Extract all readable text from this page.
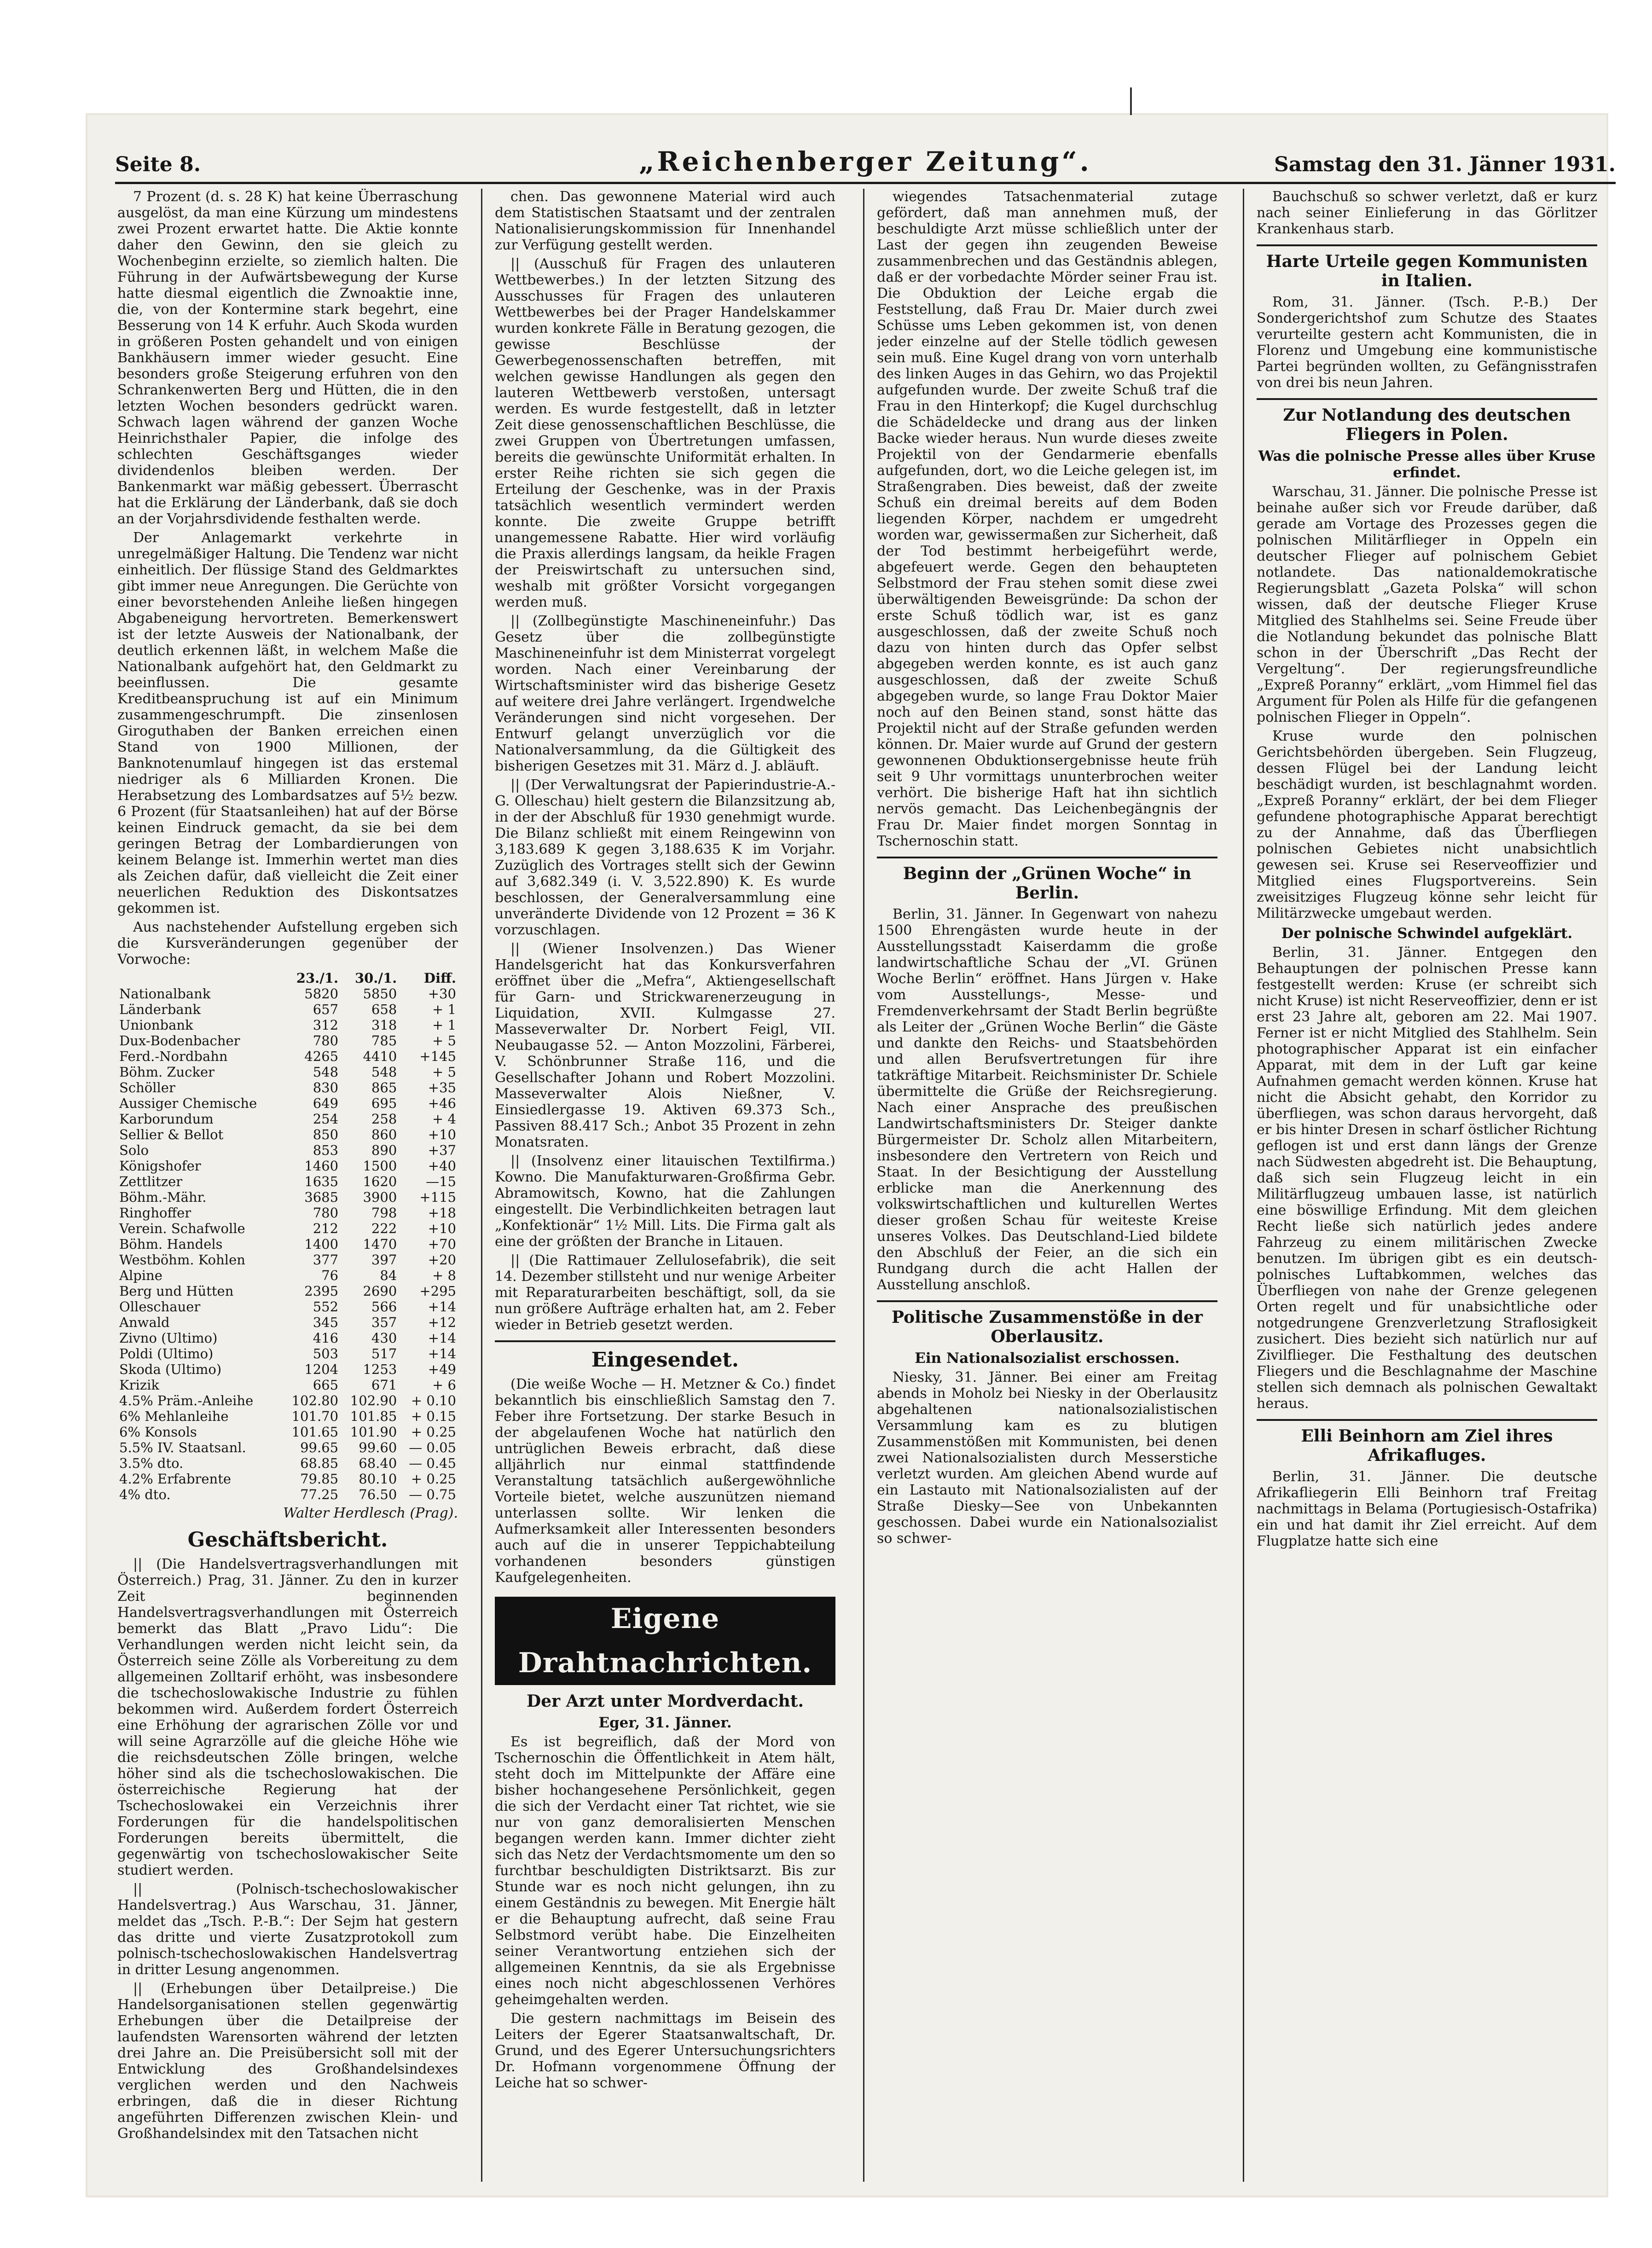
Seite 8.	„Reichenberger Zeitung“.	Samstag den 31. Jänner 1931.

7 Prozent (d. s. 28 K) hat keine Überraschung ausgelöst, da man eine Kürzung um mindestens zwei Prozent erwartet hatte. Die Aktie konnte daher den Gewinn, den sie gleich zu Wochenbeginn erzielte, so ziemlich halten. Die Führung in der Aufwärtsbewegung der Kurse hatte diesmal eigentlich die Zwnoaktie inne, die, von der Kontermine stark begehrt, eine Besserung von 14 K erfuhr. Auch Skoda wurden in größeren Posten gehandelt und von einigen Bankhäusern immer wieder gesucht. Eine besonders große Steigerung erfuhren von den Schrankenwerten Berg und Hütten, die in den letzten Wochen besonders gedrückt waren. Schwach lagen während der ganzen Woche Heinrichsthaler Papier, die infolge des schlechten Geschäftsganges wieder dividendenlos bleiben werden. Der Bankenmarkt war mäßig gebessert. Überrascht hat die Erklärung der Länderbank, daß sie doch an der Vorjahrsdividende festhalten werde.

Der Anlagemarkt verkehrte in unregelmäßiger Haltung. Die Tendenz war nicht einheitlich. Der flüssige Stand des Geldmarktes gibt immer neue Anregungen. Die Gerüchte von einer bevorstehenden Anleihe ließen hingegen Abgabeneigung hervortreten. Bemerkenswert ist der letzte Ausweis der Nationalbank, der deutlich erkennen läßt, in welchem Maße die Nationalbank aufgehört hat, den Geldmarkt zu beeinflussen. Die gesamte Kreditbeanspruchung ist auf ein Minimum zusammengeschrumpft. Die zinsenlosen Giroguthaben der Banken erreichen einen Stand von 1900 Millionen, der Banknotenumlauf hingegen ist das erstemal niedriger als 6 Milliarden Kronen. Die Herabsetzung des Lombardsatzes auf 5½ bezw. 6 Prozent (für Staatsanleihen) hat auf der Börse keinen Eindruck gemacht, da sie bei dem geringen Betrag der Lombardierungen von keinem Belange ist. Immerhin wertet man dies als Zeichen dafür, daß vielleicht die Zeit einer neuerlichen Reduktion des Diskontsatzes gekommen ist.

Aus nachstehender Aufstellung ergeben sich die Kursveränderungen gegenüber der Vorwoche:

	23./1.	30./1.	Diff.
Nationalbank	5820	5850	+30
Länderbank	657	658	+ 1
Unionbank	312	318	+ 1
Dux-Bodenbacher	780	785	+ 5
Ferd.-Nordbahn	4265	4410	+145
Böhm. Zucker	548	548	+ 5
Schöller	830	865	+35
Aussiger Chemische	649	695	+46
Karborundum	254	258	+ 4
Sellier & Bellot	850	860	+10
Solo	853	890	+37
Königshofer	1460	1500	+40
Zettlitzer	1635	1620	—15
Böhm.-Mähr.	3685	3900	+115
Ringhoffer	780	798	+18
Verein. Schafwolle	212	222	+10
Böhm. Handels	1400	1470	+70
Westböhm. Kohlen	377	397	+20
Alpine	76	84	+ 8
Berg und Hütten	2395	2690	+295
Olleschauer	552	566	+14
Anwald	345	357	+12
Zivno (Ultimo)	416	430	+14
Poldi (Ultimo)	503	517	+14
Skoda (Ultimo)	1204	1253	+49
Krizik	665	671	+ 6
4.5% Präm.-Anleihe	102.80	102.90	+ 0.10
6% Mehlanleihe	101.70	101.85	+ 0.15
6% Konsols	101.65	101.90	+ 0.25
5.5% IV. Staatsanl.	99.65	99.60	— 0.05
3.5% dto.	68.85	68.40	— 0.45
4.2% Erfabrente	79.85	80.10	+ 0.25
4% dto.	77.25	76.50	— 0.75
Walter Herdlesch (Prag).
Geschäftsbericht.

|| (Die Handelsvertragsverhandlungen mit Österreich.) Prag, 31. Jänner. Zu den in kurzer Zeit beginnenden Handelsvertragsverhandlungen mit Österreich bemerkt das Blatt „Pravo Lidu“: Die Verhandlungen werden nicht leicht sein, da Österreich seine Zölle als Vorbereitung zu dem allgemeinen Zolltarif erhöht, was insbesondere die tschechoslowakische Industrie zu fühlen bekommen wird. Außerdem fordert Österreich eine Erhöhung der agrarischen Zölle vor und will seine Agrarzölle auf die gleiche Höhe wie die reichsdeutschen Zölle bringen, welche höher sind als die tschechoslowakischen. Die österreichische Regierung hat der Tschechoslowakei ein Verzeichnis ihrer Forderungen für die handelspolitischen Forderungen bereits übermittelt, die gegenwärtig von tschechoslowakischer Seite studiert werden.

|| (Polnisch-tschechoslowakischer Handelsvertrag.) Aus Warschau, 31. Jänner, meldet das „Tsch. P.-B.“: Der Sejm hat gestern das dritte und vierte Zusatzprotokoll zum polnisch-tschechoslowakischen Handelsvertrag in dritter Lesung angenommen.

|| (Erhebungen über Detailpreise.) Die Handelsorganisationen stellen gegenwärtig Erhebungen über die Detailpreise der laufendsten Warensorten während der letzten drei Jahre an. Die Preisübersicht soll mit der Entwicklung des Großhandelsindexes verglichen werden und den Nachweis erbringen, daß die in dieser Richtung angeführten Differenzen zwischen Klein- und Großhandelsindex mit den Tatsachen nicht

chen. Das gewonnene Material wird auch dem Statistischen Staatsamt und der zentralen Nationalisierungskommission für Innenhandel zur Verfügung gestellt werden.

|| (Ausschuß für Fragen des unlauteren Wettbewerbes.) In der letzten Sitzung des Ausschusses für Fragen des unlauteren Wettbewerbes bei der Prager Handelskammer wurden konkrete Fälle in Beratung gezogen, die gewisse Beschlüsse der Gewerbegenossenschaften betreffen, mit welchen gewisse Handlungen als gegen den lauteren Wettbewerb verstoßen, untersagt werden. Es wurde festgestellt, daß in letzter Zeit diese genossenschaftlichen Beschlüsse, die zwei Gruppen von Übertretungen umfassen, bereits die gewünschte Uniformität erhalten. In erster Reihe richten sie sich gegen die Erteilung der Geschenke, was in der Praxis tatsächlich wesentlich vermindert werden konnte. Die zweite Gruppe betrifft unangemessene Rabatte. Hier wird vorläufig die Praxis allerdings langsam, da heikle Fragen der Preiswirtschaft zu untersuchen sind, weshalb mit größter Vorsicht vorgegangen werden muß.

|| (Zollbegünstigte Maschineneinfuhr.) Das Gesetz über die zollbegünstigte Maschineneinfuhr ist dem Ministerrat vorgelegt worden. Nach einer Vereinbarung der Wirtschaftsminister wird das bisherige Gesetz auf weitere drei Jahre verlängert. Irgendwelche Veränderungen sind nicht vorgesehen. Der Entwurf gelangt unverzüglich vor die Nationalversammlung, da die Gültigkeit des bisherigen Gesetzes mit 31. März d. J. abläuft.

|| (Der Verwaltungsrat der Papierindustrie-A.-G. Olleschau) hielt gestern die Bilanzsitzung ab, in der der Abschluß für 1930 genehmigt wurde. Die Bilanz schließt mit einem Reingewinn von 3,183.689 K gegen 3,188.635 K im Vorjahr. Zuzüglich des Vortrages stellt sich der Gewinn auf 3,682.349 (i. V. 3,522.890) K. Es wurde beschlossen, der Generalversammlung eine unveränderte Dividende von 12 Prozent = 36 K vorzuschlagen.

|| (Wiener Insolvenzen.) Das Wiener Handelsgericht hat das Konkursverfahren eröffnet über die „Mefra“, Aktiengesellschaft für Garn- und Strickwarenerzeugung in Liquidation, XVII. Kulmgasse 27. Masseverwalter Dr. Norbert Feigl, VII. Neubaugasse 52. — Anton Mozzolini, Färberei, V. Schönbrunner Straße 116, und die Gesellschafter Johann und Robert Mozzolini. Masseverwalter Alois Nießner, V. Einsiedlergasse 19. Aktiven 69.373 Sch., Passiven 88.417 Sch.; Anbot 35 Prozent in zehn Monatsraten.

|| (Insolvenz einer litauischen Textilfirma.) Kowno. Die Manufakturwaren-Großfirma Gebr. Abramowitsch, Kowno, hat die Zahlungen eingestellt. Die Verbindlichkeiten betragen laut „Konfektionär“ 1½ Mill. Lits. Die Firma galt als eine der größten der Branche in Litauen.

|| (Die Rattimauer Zellulosefabrik), die seit 14. Dezember stillsteht und nur wenige Arbeiter mit Reparaturarbeiten beschäftigt, soll, da sie nun größere Aufträge erhalten hat, am 2. Feber wieder in Betrieb gesetzt werden.

Eingesendet.

(Die weiße Woche — H. Metzner & Co.) findet bekanntlich bis einschließlich Samstag den 7. Feber ihre Fortsetzung. Der starke Besuch in der abgelaufenen Woche hat natürlich den untrüglichen Beweis erbracht, daß diese alljährlich nur einmal stattfindende Veranstaltung tatsächlich außergewöhnliche Vorteile bietet, welche auszunützen niemand unterlassen sollte. Wir lenken die Aufmerksamkeit aller Interessenten besonders auch auf die in unserer Teppichabteilung vorhandenen besonders günstigen Kaufgelegenheiten.

Eigene Drahtnachrichten.
Der Arzt unter Mordverdacht.
Eger, 31. Jänner.

Es ist begreiflich, daß der Mord von Tschernoschin die Öffentlichkeit in Atem hält, steht doch im Mittelpunkte der Affäre eine bisher hochangesehene Persönlichkeit, gegen die sich der Verdacht einer Tat richtet, wie sie nur von ganz demoralisierten Menschen begangen werden kann. Immer dichter zieht sich das Netz der Verdachtsmomente um den so furchtbar beschuldigten Distriktsarzt. Bis zur Stunde war es noch nicht gelungen, ihn zu einem Geständnis zu bewegen. Mit Energie hält er die Behauptung aufrecht, daß seine Frau Selbstmord verübt habe. Die Einzelheiten seiner Verantwortung entziehen sich der allgemeinen Kenntnis, da sie als Ergebnisse eines noch nicht abgeschlossenen Verhöres geheimgehalten werden.

Die gestern nachmittags im Beisein des Leiters der Egerer Staatsanwaltschaft, Dr. Grund, und des Egerer Untersuchungsrichters Dr. Hofmann vorgenommene Öffnung der Leiche hat so schwer-

wiegendes Tatsachenmaterial zutage gefördert, daß man annehmen muß, der beschuldigte Arzt müsse schließlich unter der Last der gegen ihn zeugenden Beweise zusammenbrechen und das Geständnis ablegen, daß er der vorbedachte Mörder seiner Frau ist. Die Obduktion der Leiche ergab die Feststellung, daß Frau Dr. Maier durch zwei Schüsse ums Leben gekommen ist, von denen jeder einzelne auf der Stelle tödlich gewesen sein muß. Eine Kugel drang von vorn unterhalb des linken Auges in das Gehirn, wo das Projektil aufgefunden wurde. Der zweite Schuß traf die Frau in den Hinterkopf; die Kugel durchschlug die Schädeldecke und drang aus der linken Backe wieder heraus. Nun wurde dieses zweite Projektil von der Gendarmerie ebenfalls aufgefunden, dort, wo die Leiche gelegen ist, im Straßengraben. Dies beweist, daß der zweite Schuß ein dreimal bereits auf dem Boden liegenden Körper, nachdem er umgedreht worden war, gewissermaßen zur Sicherheit, daß der Tod bestimmt herbeigeführt werde, abgefeuert werde. Gegen den behaupteten Selbstmord der Frau stehen somit diese zwei überwältigenden Beweisgründe: Da schon der erste Schuß tödlich war, ist es ganz ausgeschlossen, daß der zweite Schuß noch dazu von hinten durch das Opfer selbst abgegeben werden konnte, es ist auch ganz ausgeschlossen, daß der zweite Schuß abgegeben wurde, so lange Frau Doktor Maier noch auf den Beinen stand, sonst hätte das Projektil nicht auf der Straße gefunden werden können. Dr. Maier wurde auf Grund der gestern gewonnenen Obduktionsergebnisse heute früh seit 9 Uhr vormittags ununterbrochen weiter verhört. Die bisherige Haft hat ihn sichtlich nervös gemacht. Das Leichenbegängnis der Frau Dr. Maier findet morgen Sonntag in Tschernoschin statt.

Beginn der „Grünen Woche“ in Berlin.

Berlin, 31. Jänner. In Gegenwart von nahezu 1500 Ehrengästen wurde heute in der Ausstellungsstadt Kaiserdamm die große landwirtschaftliche Schau der „VI. Grünen Woche Berlin“ eröffnet. Hans Jürgen v. Hake vom Ausstellungs-, Messe- und Fremdenverkehrsamt der Stadt Berlin begrüßte als Leiter der „Grünen Woche Berlin“ die Gäste und dankte den Reichs- und Staatsbehörden und allen Berufsvertretungen für ihre tatkräftige Mitarbeit. Reichsminister Dr. Schiele übermittelte die Grüße der Reichsregierung. Nach einer Ansprache des preußischen Landwirtschaftsministers Dr. Steiger dankte Bürgermeister Dr. Scholz allen Mitarbeitern, insbesondere den Vertretern von Reich und Staat. In der Besichtigung der Ausstellung erblicke man die Anerkennung des volkswirtschaftlichen und kulturellen Wertes dieser großen Schau für weiteste Kreise unseres Volkes. Das Deutschland-Lied bildete den Abschluß der Feier, an die sich ein Rundgang durch die acht Hallen der Ausstellung anschloß.

Politische Zusammenstöße in der Oberlausitz.
Ein Nationalsozialist erschossen.

Niesky, 31. Jänner. Bei einer am Freitag abends in Moholz bei Niesky in der Oberlausitz abgehaltenen nationalsozialistischen Versammlung kam es zu blutigen Zusammenstößen mit Kommunisten, bei denen zwei Nationalsozialisten durch Messerstiche verletzt wurden. Am gleichen Abend wurde auf ein Lastauto mit Nationalsozialisten auf der Straße Diesky—See von Unbekannten geschossen. Dabei wurde ein Nationalsozialist so schwer-

Bauchschuß so schwer verletzt, daß er kurz nach seiner Einlieferung in das Görlitzer Krankenhaus starb.

Harte Urteile gegen Kommunisten in Italien.

Rom, 31. Jänner. (Tsch. P.-B.) Der Sondergerichtshof zum Schutze des Staates verurteilte gestern acht Kommunisten, die in Florenz und Umgebung eine kommunistische Partei begründen wollten, zu Gefängnisstrafen von drei bis neun Jahren.

Zur Notlandung des deutschen Fliegers in Polen.
Was die polnische Presse alles über Kruse erfindet.

Warschau, 31. Jänner. Die polnische Presse ist beinahe außer sich vor Freude darüber, daß gerade am Vortage des Prozesses gegen die polnischen Militärflieger in Oppeln ein deutscher Flieger auf polnischem Gebiet notlandete. Das nationaldemokratische Regierungsblatt „Gazeta Polska“ will schon wissen, daß der deutsche Flieger Kruse Mitglied des Stahlhelms sei. Seine Freude über die Notlandung bekundet das polnische Blatt schon in der Überschrift „Das Recht der Vergeltung“. Der regierungsfreundliche „Expreß Poranny“ erklärt, „vom Himmel fiel das Argument für Polen als Hilfe für die gefangenen polnischen Flieger in Oppeln“.

Kruse wurde den polnischen Gerichtsbehörden übergeben. Sein Flugzeug, dessen Flügel bei der Landung leicht beschädigt wurden, ist beschlagnahmt worden. „Expreß Poranny“ erklärt, der bei dem Flieger gefundene photographische Apparat berechtigt zu der Annahme, daß das Überfliegen polnischen Gebietes nicht unabsichtlich gewesen sei. Kruse sei Reserveoffizier und Mitglied eines Flugsportvereins. Sein zweisitziges Flugzeug könne sehr leicht für Militärzwecke umgebaut werden.

Der polnische Schwindel aufgeklärt.

Berlin, 31. Jänner. Entgegen den Behauptungen der polnischen Presse kann festgestellt werden: Kruse (er schreibt sich nicht Kruse) ist nicht Reserveoffizier, denn er ist erst 23 Jahre alt, geboren am 22. Mai 1907. Ferner ist er nicht Mitglied des Stahlhelm. Sein photographischer Apparat ist ein einfacher Apparat, mit dem in der Luft gar keine Aufnahmen gemacht werden können. Kruse hat nicht die Absicht gehabt, den Korridor zu überfliegen, was schon daraus hervorgeht, daß er bis hinter Dresen in scharf östlicher Richtung geflogen ist und erst dann längs der Grenze nach Südwesten abgedreht ist. Die Behauptung, daß sich sein Flugzeug leicht in ein Militärflugzeug umbauen lasse, ist natürlich eine böswillige Erfindung. Mit dem gleichen Recht ließe sich natürlich jedes andere Fahrzeug zu einem militärischen Zwecke benutzen. Im übrigen gibt es ein deutsch-polnisches Luftabkommen, welches das Überfliegen von nahe der Grenze gelegenen Orten regelt und für unabsichtliche oder notgedrungene Grenzverletzung Straflosigkeit zusichert. Dies bezieht sich natürlich nur auf Zivilflieger. Die Festhaltung des deutschen Fliegers und die Beschlagnahme der Maschine stellen sich demnach als polnischen Gewaltakt heraus.

Elli Beinhorn am Ziel ihres Afrikafluges.

Berlin, 31. Jänner. Die deutsche Afrikafliegerin Elli Beinhorn traf Freitag nachmittags in Belama (Portugiesisch-Ostafrika) ein und hat damit ihr Ziel erreicht. Auf dem Flugplatze hatte sich eine
